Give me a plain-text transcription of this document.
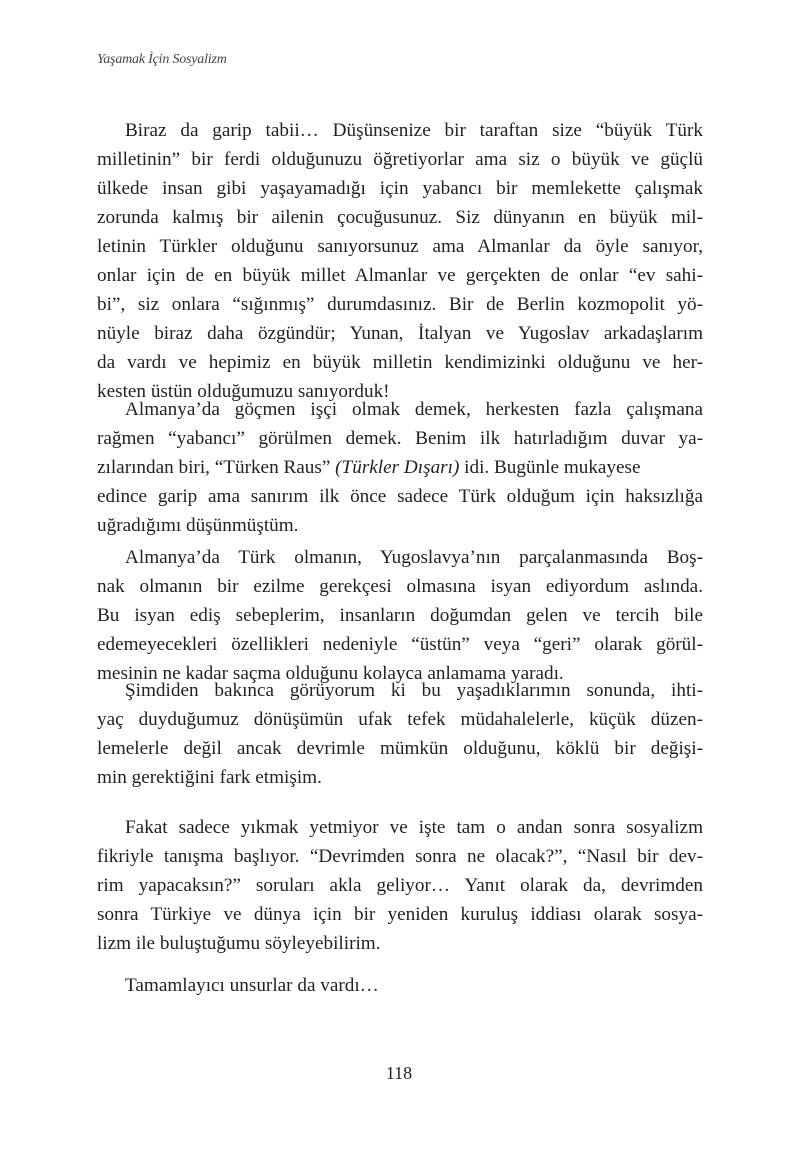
Yaşamak İçin Sosyalizm
Biraz da garip tabii… Düşünsenize bir taraftan size “büyük Türk
milletinin” bir ferdi olduğunuzu öğretiyorlar ama siz o büyük ve güçlü
ülkede insan gibi yaşayamadığı için yabancı bir memlekette çalışmak
zorunda kalmış bir ailenin çocuğusunuz. Siz dünyanın en büyük mil-
letinin Türkler olduğunu sanıyorsunuz ama Almanlar da öyle sanıyor,
onlar için de en büyük millet Almanlar ve gerçekten de onlar “ev sahi-
bi”, siz onlara “sığınmış” durumdasınız. Bir de Berlin kozmopolit yö-
nüyle biraz daha özgündür; Yunan, İtalyan ve Yugoslav arkadaşlarım
da vardı ve hepimiz en büyük milletin kendimizinki olduğunu ve her-
kesten üstün olduğumuzu sanıyorduk!
Almanya’da göçmen işçi olmak demek, herkesten fazla çalışmana
rağmen “yabancı” görülmen demek. Benim ilk hatırladığım duvar ya-
zılarından biri, “Türken Raus” (Türkler Dışarı) idi. Bugünle mukayese
edince garip ama sanırım ilk önce sadece Türk olduğum için haksızlığa
uğradığımı düşünmüştüm.
Almanya’da Türk olmanın, Yugoslavya’nın parçalanmasında Boş-
nak olmanın bir ezilme gerekçesi olmasına isyan ediyordum aslında.
Bu isyan ediş sebeplerim, insanların doğumdan gelen ve tercih bile
edemeyecekleri özellikleri nedeniyle “üstün” veya “geri” olarak görül-
mesinin ne kadar saçma olduğunu kolayca anlamama yaradı.
Şimdiden bakınca görüyorum ki bu yaşadıklarımın sonunda, ihti-
yaç duyduğumuz dönüşümün ufak tefek müdahalelerle, küçük düzen-
lemelerle değil ancak devrimle mümkün olduğunu, köklü bir değişi-
min gerektiğini fark etmişim.
Fakat sadece yıkmak yetmiyor ve işte tam o andan sonra sosyalizm
fikriyle tanışma başlıyor. “Devrimden sonra ne olacak?”, “Nasıl bir dev-
rim yapacaksın?” soruları akla geliyor… Yanıt olarak da, devrimden
sonra Türkiye ve dünya için bir yeniden kuruluş iddiası olarak sosya-
lizm ile buluştuğumu söyleyebilirim.
Tamamlayıcı unsurlar da vardı…
118
